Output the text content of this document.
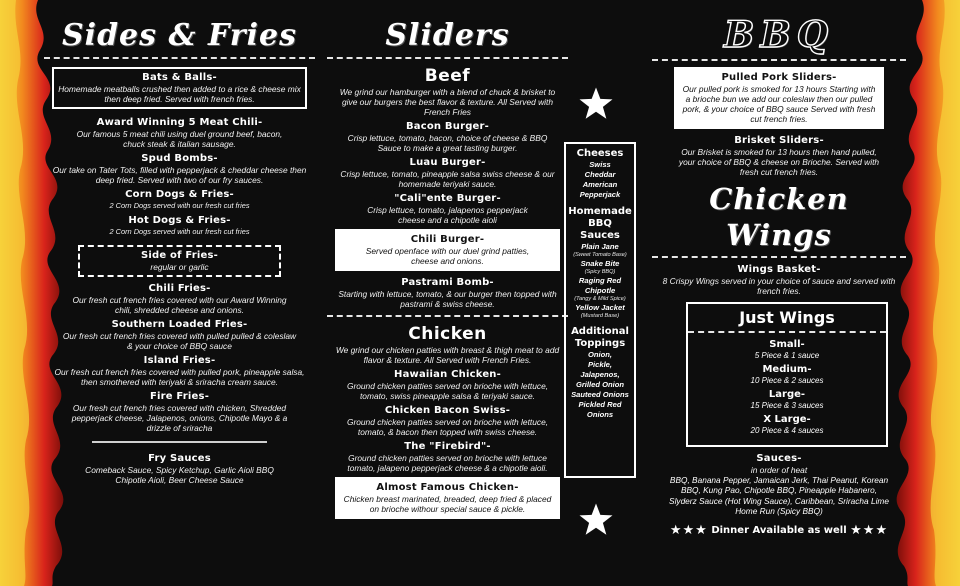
Sides & Fries
Bats & Balls-
Homemade meatballs crushed then added to a rice & cheese mix then deep fried. Served with french fries.
Award Winning 5 Meat Chili-
Our famous 5 meat chili using duel ground beef, bacon, chuck steak & italian sausage.
Spud Bombs-
Our take on Tater Tots, filled with pepperjack & cheddar cheese then deep fried. Served with two of our fry sauces.
Corn Dogs & Fries-
2 Corn Dogs served with our fresh cut fries
Hot Dogs & Fries-
2 Corn Dogs served with our fresh cut fries
Side of Fries-
regular or garlic
Chili Fries-
Our fresh cut french fries covered with our Award Winning chili, shredded cheese and onions.
Southern Loaded Fries-
Our fresh cut french fries covered with pulled pulled & coleslaw & your choice of BBQ sauce
Island Fries-
Our fresh cut french fries covered with pulled pork, pineapple salsa, then smothered with teriyaki & sriracha cream sauce.
Fire Fries-
Our fresh cut french fries covered with chicken, Shredded pepperjack cheese, Jalapenos, onions, Chipotle Mayo & a drizzle of sriracha
Fry Sauces
Comeback Sauce, Spicy Ketchup, Garlic Aioli BBQ Chipotle Aioli, Beer Cheese Sauce
Sliders
Beef
We grind our hamburger with a blend of chuck & brisket to give our burgers the best flavor & texture. All Served with French Fries
Bacon Burger-
Crisp lettuce, tomato, bacon, choice of cheese & BBQ Sauce to make a great tasting burger.
Luau Burger-
Crisp lettuce, tomato, pineapple salsa swiss cheese & our homemade teriyaki sauce.
"Cali"ente Burger-
Crisp lettuce, tomato, jalapenos pepperjack cheese and a chipotle aioli
Chili Burger-
Served openface with our duel grind patties, cheese and onions.
Pastrami Bomb-
Starting with lettuce, tomato, & our burger then topped with pastrami & swiss cheese.
Chicken
We grind our chicken patties with breast & thigh meat to add flavor & texture. All Served with French Fries.
Hawaiian Chicken-
Ground chicken patties served on brioche with lettuce, tomato, swiss pineapple salsa & teriyaki sauce.
Chicken Bacon Swiss-
Ground chicken patties served on brioche with lettuce, tomato, & bacon then topped with swiss cheese.
The "Firebird"-
Ground chicken patties served on brioche with lettuce tomato, jalapeno pepperjack cheese & a chipotle aioli.
Almost Famous Chicken-
Chicken breast marinated, breaded, deep fried & placed on brioche withour special sauce & pickle.
Cheeses
Swiss
Cheddar
American
Pepperjack
Homemade BBQ Sauces
Plain Jane
(Sweet Tomato Base)
Snake Bite
(Spicy BBQ)
Raging Red
Chipotle
(Tangy & Mild Spice)
Yellow Jacket
(Mustard Base)
Additional Toppings
Onion,
Pickle,
Jalapenos,
Grilled Onion
Sauteed Onions
Pickled Red Onions
BBQ
Pulled Pork Sliders-
Our pulled pork is smoked for 13 hours Starting with a brioche bun we add our coleslaw then our pulled pork, & your choice of BBQ sauce Served with fresh cut french fries.
Brisket Sliders-
Our Brisket is smoked for 13 hours then hand pulled, your choice of BBQ & cheese on Brioche. Served with fresh cut french fries.
Chicken Wings
Wings Basket-
8 Crispy Wings served in your choice of sauce and served with french fries.
Just Wings
Small-
5 Piece & 1 sauce
Medium-
10 Piece & 2 sauces
Large-
15 Piece & 3 sauces
X Large-
20 Piece & 4 sauces
Sauces-
in order of heat
BBQ, Banana Pepper, Jamaican Jerk, Thai Peanut, Korean BBQ, Kung Pao, Chipotle BBQ, Pineapple Habanero, Slyderz Sauce (Hot Wing Sauce), Caribbean, Sriracha Lime Home Run (Spicy BBQ)
★★★ Dinner Available as well ★★★
